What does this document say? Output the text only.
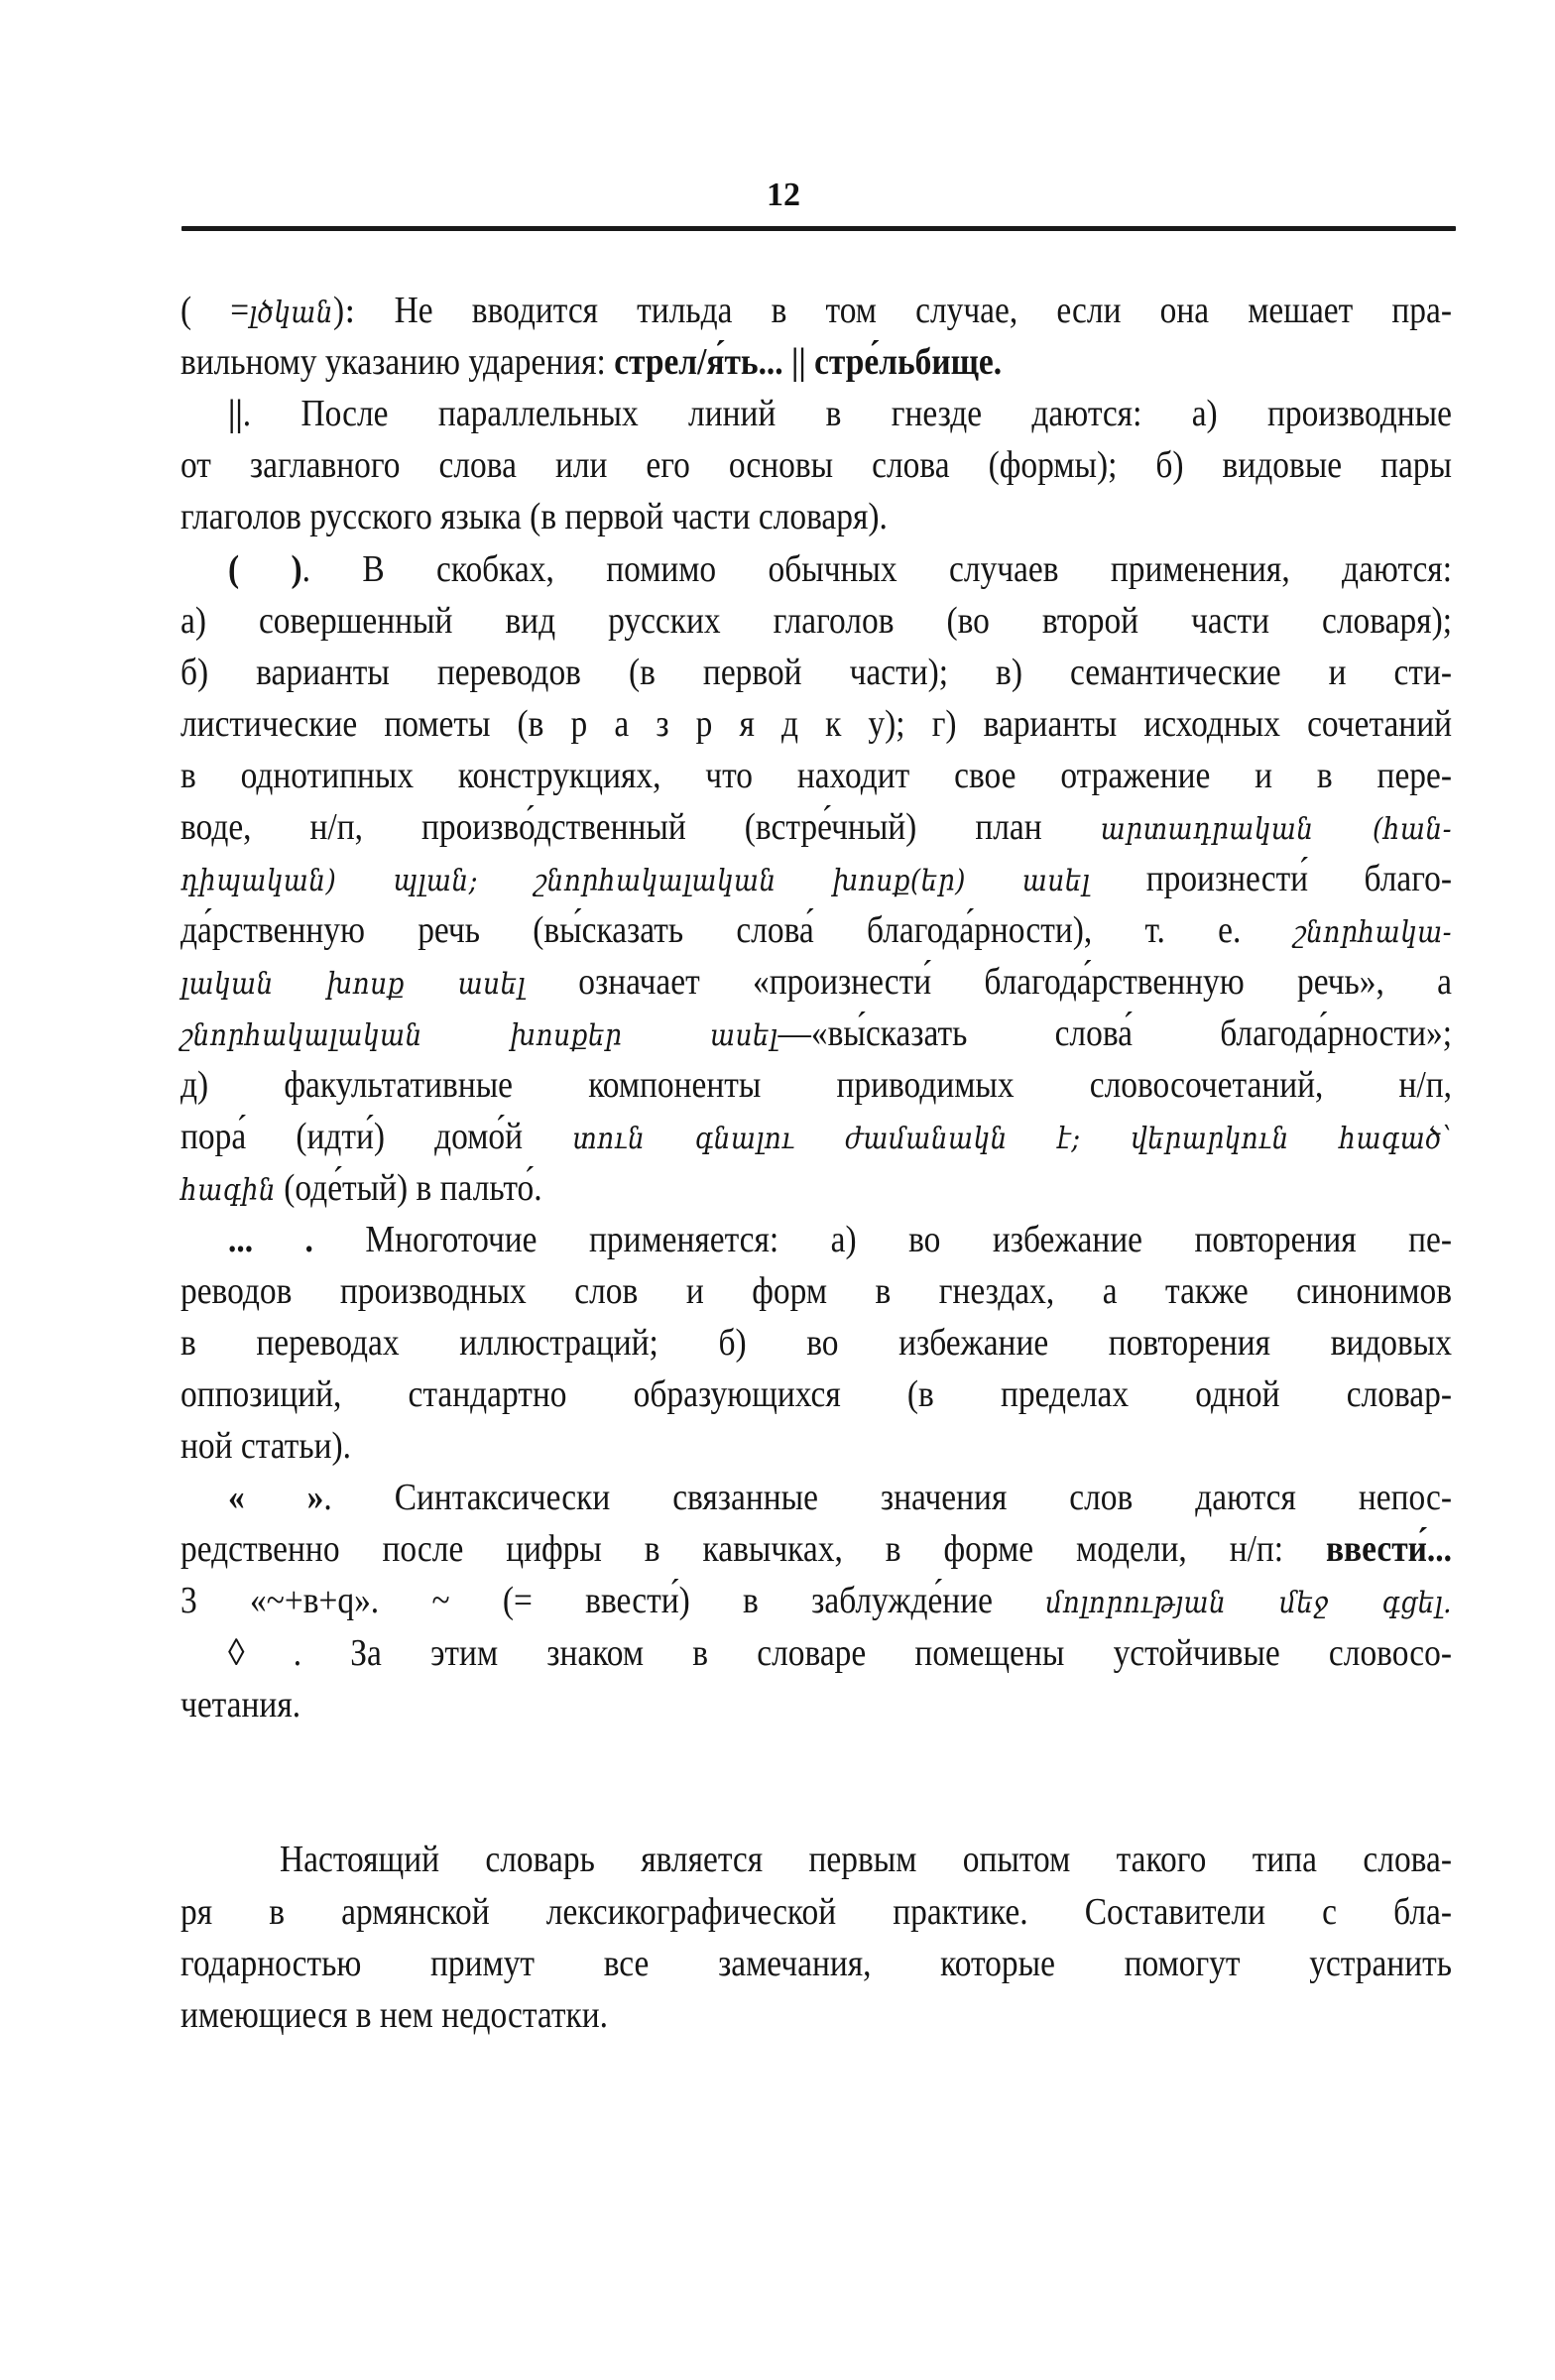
12
( =լծկան)։ Не вводится тильда в том случае, если она мешает пра-
вильному указанию ударения: стрел/я́ть... || стре́льбище.
||. После параллельных линий в гнезде даются: а) производные
от заглавного слова или его основы слова (формы); б) видовые пары
глаголов русского языка (в первой части словаря).
( ). В скобках, помимо обычных случаев применения, даются:
а) совершенный вид русских глаголов (во второй части словаря);
б) варианты переводов (в первой части); в) семантические и сти-
листические пометы (в р а з р я д к у); г) варианты исходных сочетаний
в однотипных конструкциях, что находит свое отражение и в пере-
воде, н/п, произво́дственный (встре́чный) план արտադրական (հան-
դիպական) պլան; շնորհակալական խոսք(եր) ասել произнести́ благо-
да́рственную речь (вы́сказать слова́ благода́рности), т. е. շնորհակա-
լական խոսք ասել означает «произнести́ благода́рственную речь», а
շնորհակալական խոսքեր ասել—«вы́сказать слова́ благода́рности»;
д) факультативные компоненты приводимых словосочетаний, н/п,
пора́ (идти́) домо́й տուն գնալու ժամանակն է; վերարկուն հագած՝
հագին (оде́тый) в пальто́.
... . Многоточие применяется: а) во избежание повторения пе-
реводов производных слов и форм в гнездах, а также синонимов
в переводах иллюстраций; б) во избежание повторения видовых
оппозиций, стандартно образующихся (в пределах одной словар-
ной статьи).
« ». Синтаксически связанные значения слов даются непос-
редственно после цифры в кавычках, в форме модели, н/п: ввести́...
3 «~+в+q». ~ (= ввести́) в заблужде́ние մոլորության մեջ գցել.
◊ . За этим знаком в словаре помещены устойчивые словосо-
четания.
Настоящий словарь является первым опытом такого типа слова-
ря в армянской лексикографической практике. Составители с бла-
годарностью примут все замечания, которые помогут устранить
имеющиеся в нем недостатки.
